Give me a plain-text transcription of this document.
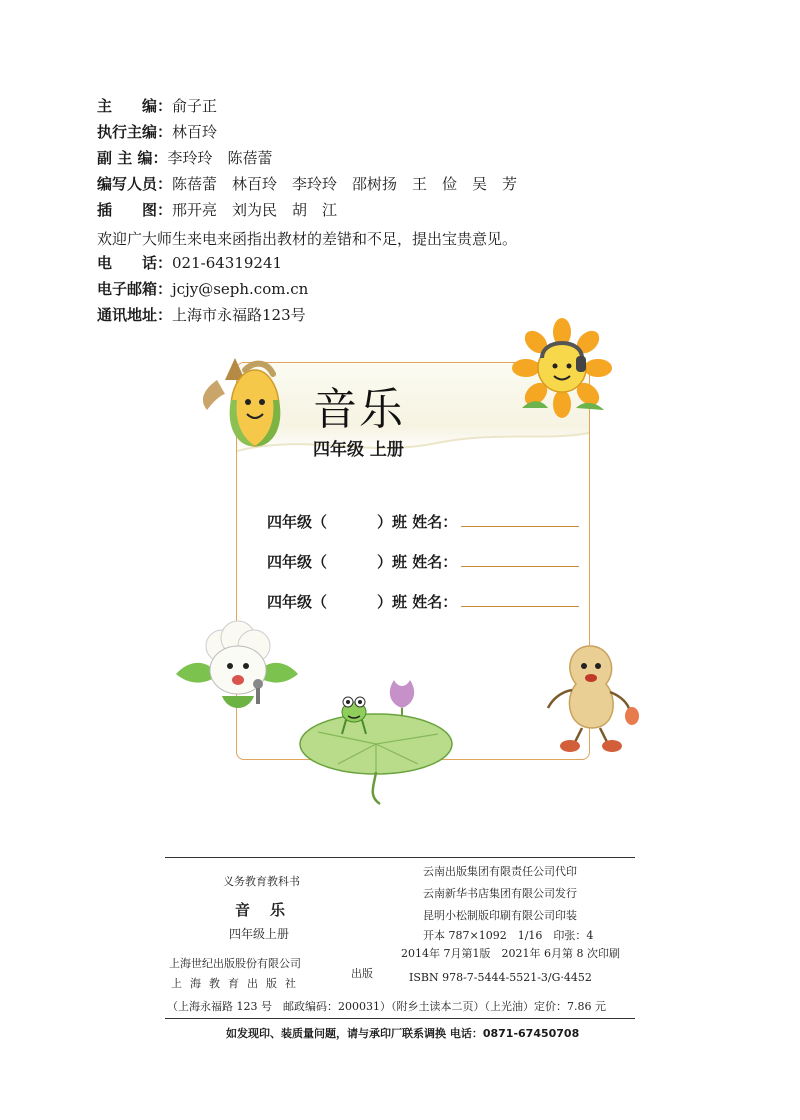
主　　编：俞子正
执行主编：林百玲
副 主 编：李玲玲　陈蓓蕾
编写人员：陈蓓蕾　林百玲　李玲玲　邵树扬　王　俭　吴　芳
插　　图：邢开亮　刘为民　胡　江
欢迎广大师生来电来函指出教材的差错和不足，提出宝贵意见。
电　　话：021-64319241
电子邮箱：jcjy@seph.com.cn
通讯地址：上海市永福路123号
音乐
四年级 上册
四年级（	）班 姓名：
四年级（	）班 姓名：
四年级（	）班 姓名：
义务教育教科书
音乐
四年级上册
上海世纪出版股份有限公司
上海教育出版社
出版
云南出版集团有限责任公司代印
云南新华书店集团有限公司发行
昆明小松制版印刷有限公司印装
开本 787×1092　1/16　印张：4
2014年 7月第1版　2021年 6月第 8 次印刷
ISBN 978-7-5444-5521-3/G·4452
（上海永福路 123 号　邮政编码：200031）（附乡土读本二页）（上光油）定价：7.86 元
如发现印、装质量问题，请与承印厂联系调换 电话：0871-67450708
